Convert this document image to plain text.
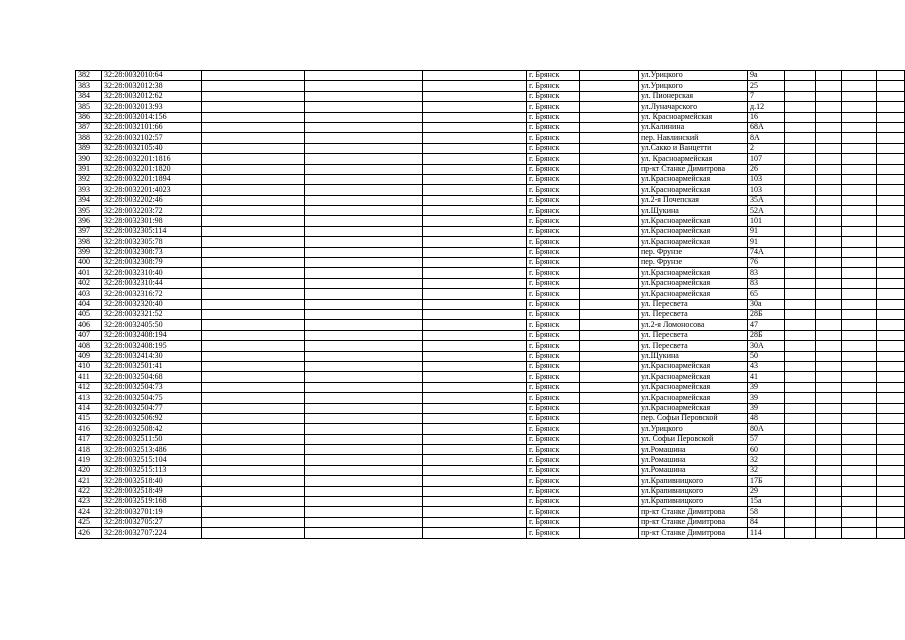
382	32:28:0032010:64				г. Брянск		ул.Урицкого	9а						
383	32:28:0032012:38				г. Брянск		ул.Урицкого	25						
384	32:28:0032012:62				г. Брянск		ул. Пионерская	7						
385	32:28:0032013:93				г. Брянск		ул.Луначарского	д.12						
386	32:28:0032014:156				г. Брянск		ул. Красноармейская	16						
387	32:28:0032101:66				г. Брянск		ул.Калинина	68А						
388	32:28:0032102:57				г. Брянск		пер. Навлинский	8А						
389	32:28:0032105:40				г. Брянск		ул.Сакко и Ванцетти	2						
390	32:28:0032201:1816				г. Брянск		ул. Красноармейская	107						
391	32:28:0032201:1820				г. Брянск		пр-кт Станке Димитрова	26						
392	32:28:0032201:1894				г. Брянск		ул.Красноармейская	103						
393	32:28:0032201:4023				г. Брянск		ул.Красноармейская	103						
394	32:28:0032202:46				г. Брянск		ул.2-я Почепская	35А						
395	32:28:0032203:72				г. Брянск		ул.Щукина	52А						
396	32:28:0032301:98				г. Брянск		ул.Красноармейская	101						
397	32:28:0032305:114				г. Брянск		ул.Красноармейская	91						
398	32:28:0032305:78				г. Брянск		ул.Красноармейская	91						
399	32:28:0032308:73				г. Брянск		пер. Фрунзе	74А						
400	32:28:0032308:79				г. Брянск		пер. Фрунзе	76						
401	32:28:0032310:40				г. Брянск		ул.Красноармейская	83						
402	32:28:0032310:44				г. Брянск		ул.Красноармейская	83						
403	32:28:0032316:72				г. Брянск		ул.Красноармейская	65						
404	32:28:0032320:40				г. Брянск		ул. Пересвета	30а						
405	32:28:0032321:52				г. Брянск		ул. Пересвета	28Б						
406	32:28:0032405:50				г. Брянск		ул.2-я Ломоносова	47						
407	32:28:0032408:194				г. Брянск		ул. Пересвета	28Б						
408	32:28:0032408:195				г. Брянск		ул. Пересвета	30А						
409	32:28:0032414:30				г. Брянск		ул.Щукина	50						
410	32:28:0032501:41				г. Брянск		ул.Красноармейская	43						
411	32:28:0032504:68				г. Брянск		ул.Красноармейская	41						
412	32:28:0032504:73				г. Брянск		ул.Красноармейская	39						
413	32:28:0032504:75				г. Брянск		ул.Красноармейская	39						
414	32:28:0032504:77				г. Брянск		ул.Красноармейская	39						
415	32:28:0032506:92				г. Брянск		пер. Софьи Перовской	48						
416	32:28:0032508:42				г. Брянск		ул.Урицкого	80А						
417	32:28:0032511:50				г. Брянск		ул. Софьи Перовской	57						
418	32:28:0032513:486				г. Брянск		ул.Ромашина	60						
419	32:28:0032515:104				г. Брянск		ул.Ромашина	32						
420	32:28:0032515:113				г. Брянск		ул.Ромашина	32						
421	32:28:0032518:40				г. Брянск		ул.Крапивницкого	17Б						
422	32:28:0032518:49				г. Брянск		ул.Крапивницкого	29						
423	32:28:0032519:168				г. Брянск		ул.Крапивницкого	15а						
424	32:28:0032701:19				г. Брянск		пр-кт Станке Димитрова	58						
425	32:28:0032705:27				г. Брянск		пр-кт Станке Димитрова	84						
426	32:28:0032707:224				г. Брянск		пр-кт Станке Димитрова	114						
